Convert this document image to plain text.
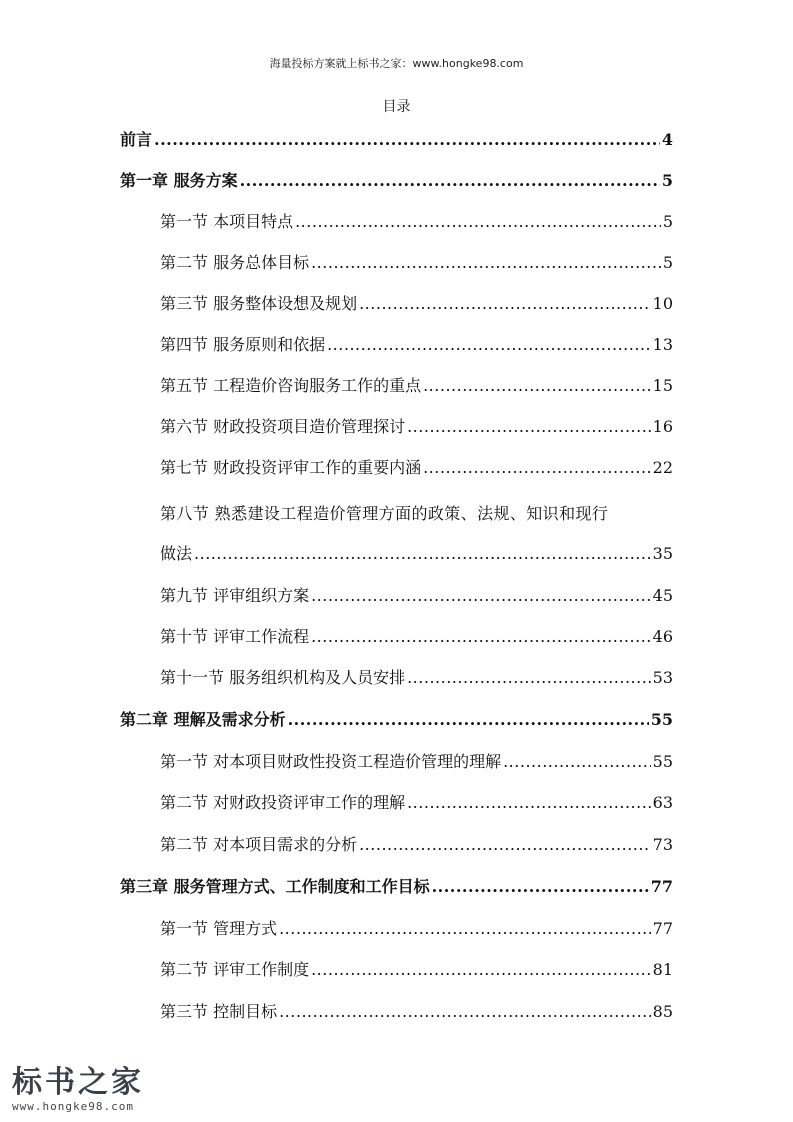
海量投标方案就上标书之家：www.hongke98.com
目录
前言 .....	4
第一章 服务方案 .....	5
第一节 本项目特点 .....	5
第二节 服务总体目标 .....	5
第三节 服务整体设想及规划 .....	10
第四节 服务原则和依据 .....	13
第五节 工程造价咨询服务工作的重点 .....	15
第六节 财政投资项目造价管理探讨 .....	16
第七节 财政投资评审工作的重要内涵 .....	22
第八节 熟悉建设工程造价管理方面的政策、法规、知识和现行
做法 .....	35
第九节 评审组织方案 .....	45
第十节 评审工作流程 .....	46
第十一节 服务组织机构及人员安排 .....	53
第二章 理解及需求分析 .....	55
第一节 对本项目财政性投资工程造价管理的理解 .....	55
第二节 对财政投资评审工作的理解 .....	63
第二节 对本项目需求的分析 .....	73
第三章 服务管理方式、工作制度和工作目标 .....	77
第一节 管理方式 .....	77
第二节 评审工作制度 .....	81
第三节 控制目标 .....	85
标书之家
www.hongke98.com
